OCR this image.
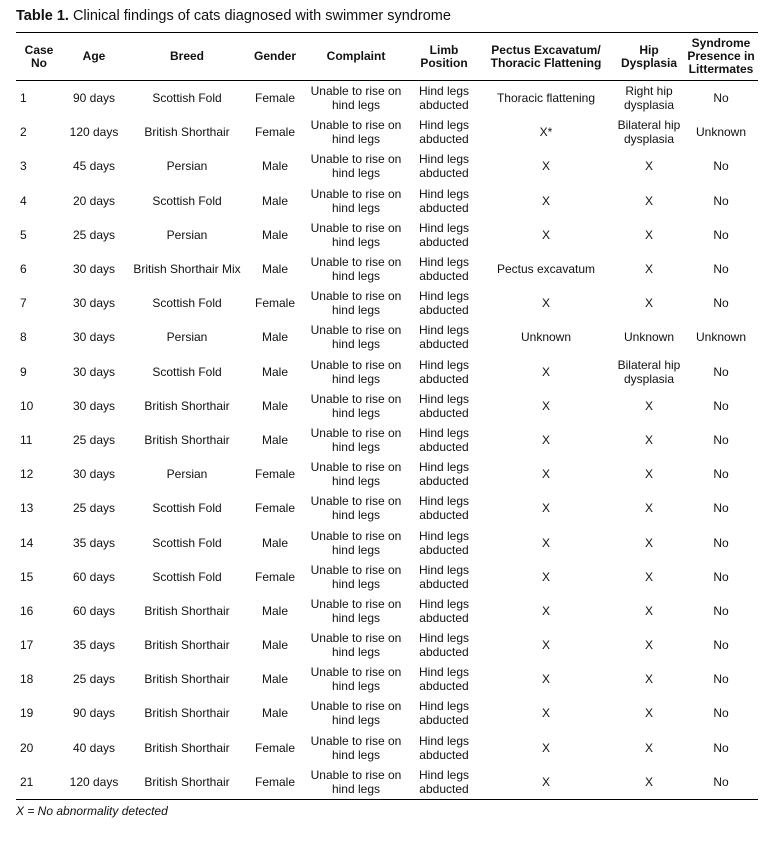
Table 1. Clinical findings of cats diagnosed with swimmer syndrome
Case No	Age	Breed	Gender	Complaint	Limb Position	Pectus Excavatum/ Thoracic Flattening	Hip Dysplasia	Syndrome Presence in Littermates
1	90 days	Scottish Fold	Female	Unable to rise on hind legs	Hind legs abducted	Thoracic flattening	Right hip dysplasia	No
2	120 days	British Shorthair	Female	Unable to rise on hind legs	Hind legs abducted	X*	Bilateral hip dysplasia	Unknown
3	45 days	Persian	Male	Unable to rise on hind legs	Hind legs abducted	X	X	No
4	20 days	Scottish Fold	Male	Unable to rise on hind legs	Hind legs abducted	X	X	No
5	25 days	Persian	Male	Unable to rise on hind legs	Hind legs abducted	X	X	No
6	30 days	British Shorthair Mix	Male	Unable to rise on hind legs	Hind legs abducted	Pectus excavatum	X	No
7	30 days	Scottish Fold	Female	Unable to rise on hind legs	Hind legs abducted	X	X	No
8	30 days	Persian	Male	Unable to rise on hind legs	Hind legs abducted	Unknown	Unknown	Unknown
9	30 days	Scottish Fold	Male	Unable to rise on hind legs	Hind legs abducted	X	Bilateral hip dysplasia	No
10	30 days	British Shorthair	Male	Unable to rise on hind legs	Hind legs abducted	X	X	No
11	25 days	British Shorthair	Male	Unable to rise on hind legs	Hind legs abducted	X	X	No
12	30 days	Persian	Female	Unable to rise on hind legs	Hind legs abducted	X	X	No
13	25 days	Scottish Fold	Female	Unable to rise on hind legs	Hind legs abducted	X	X	No
14	35 days	Scottish Fold	Male	Unable to rise on hind legs	Hind legs abducted	X	X	No
15	60 days	Scottish Fold	Female	Unable to rise on hind legs	Hind legs abducted	X	X	No
16	60 days	British Shorthair	Male	Unable to rise on hind legs	Hind legs abducted	X	X	No
17	35 days	British Shorthair	Male	Unable to rise on hind legs	Hind legs abducted	X	X	No
18	25 days	British Shorthair	Male	Unable to rise on hind legs	Hind legs abducted	X	X	No
19	90 days	British Shorthair	Male	Unable to rise on hind legs	Hind legs abducted	X	X	No
20	40 days	British Shorthair	Female	Unable to rise on hind legs	Hind legs abducted	X	X	No
21	120 days	British Shorthair	Female	Unable to rise on hind legs	Hind legs abducted	X	X	No
X = No abnormality detected
